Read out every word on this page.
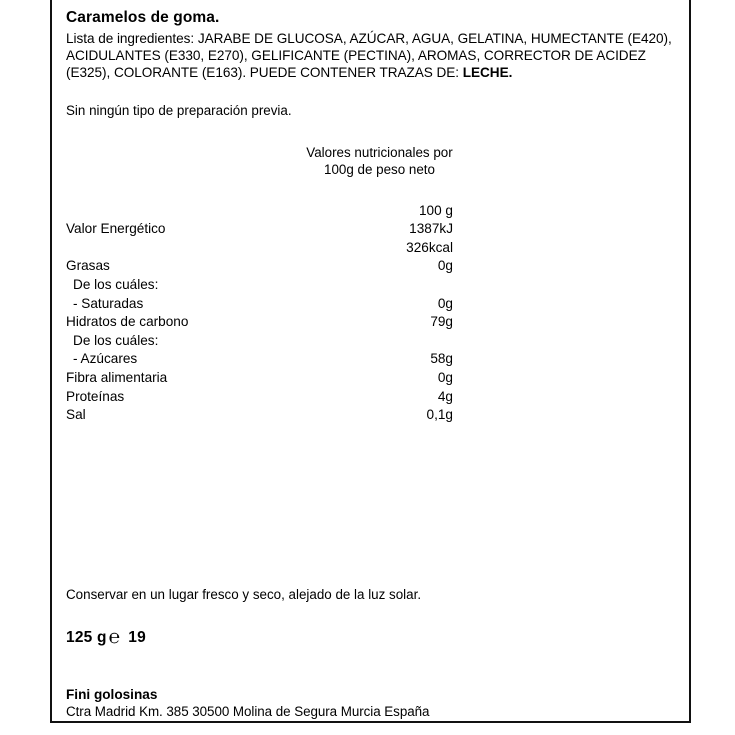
Caramelos de goma.
Lista de ingredientes: JARABE DE GLUCOSA, AZÚCAR, AGUA, GELATINA, HUMECTANTE (E420), ACIDULANTES (E330, E270), GELIFICANTE (PECTINA), AROMAS, CORRECTOR DE ACIDEZ (E325), COLORANTE (E163). PUEDE CONTENER TRAZAS DE: LECHE.
Sin ningún tipo de preparación previa.
Valores nutricionales por
100g de peso neto
100 g
Valor Energético	1387kJ
326kcal
Grasas	0g
De los cuáles:
- Saturadas	0g
Hidratos de carbono	79g
De los cuáles:
- Azúcares	58g
Fibra alimentaria	0g
Proteínas	4g
Sal	0,1g
Conservar en un lugar fresco y seco, alejado de la luz solar.
125 g ℮ 19
Fini golosinas
Ctra Madrid Km. 385 30500 Molina de Segura Murcia España
